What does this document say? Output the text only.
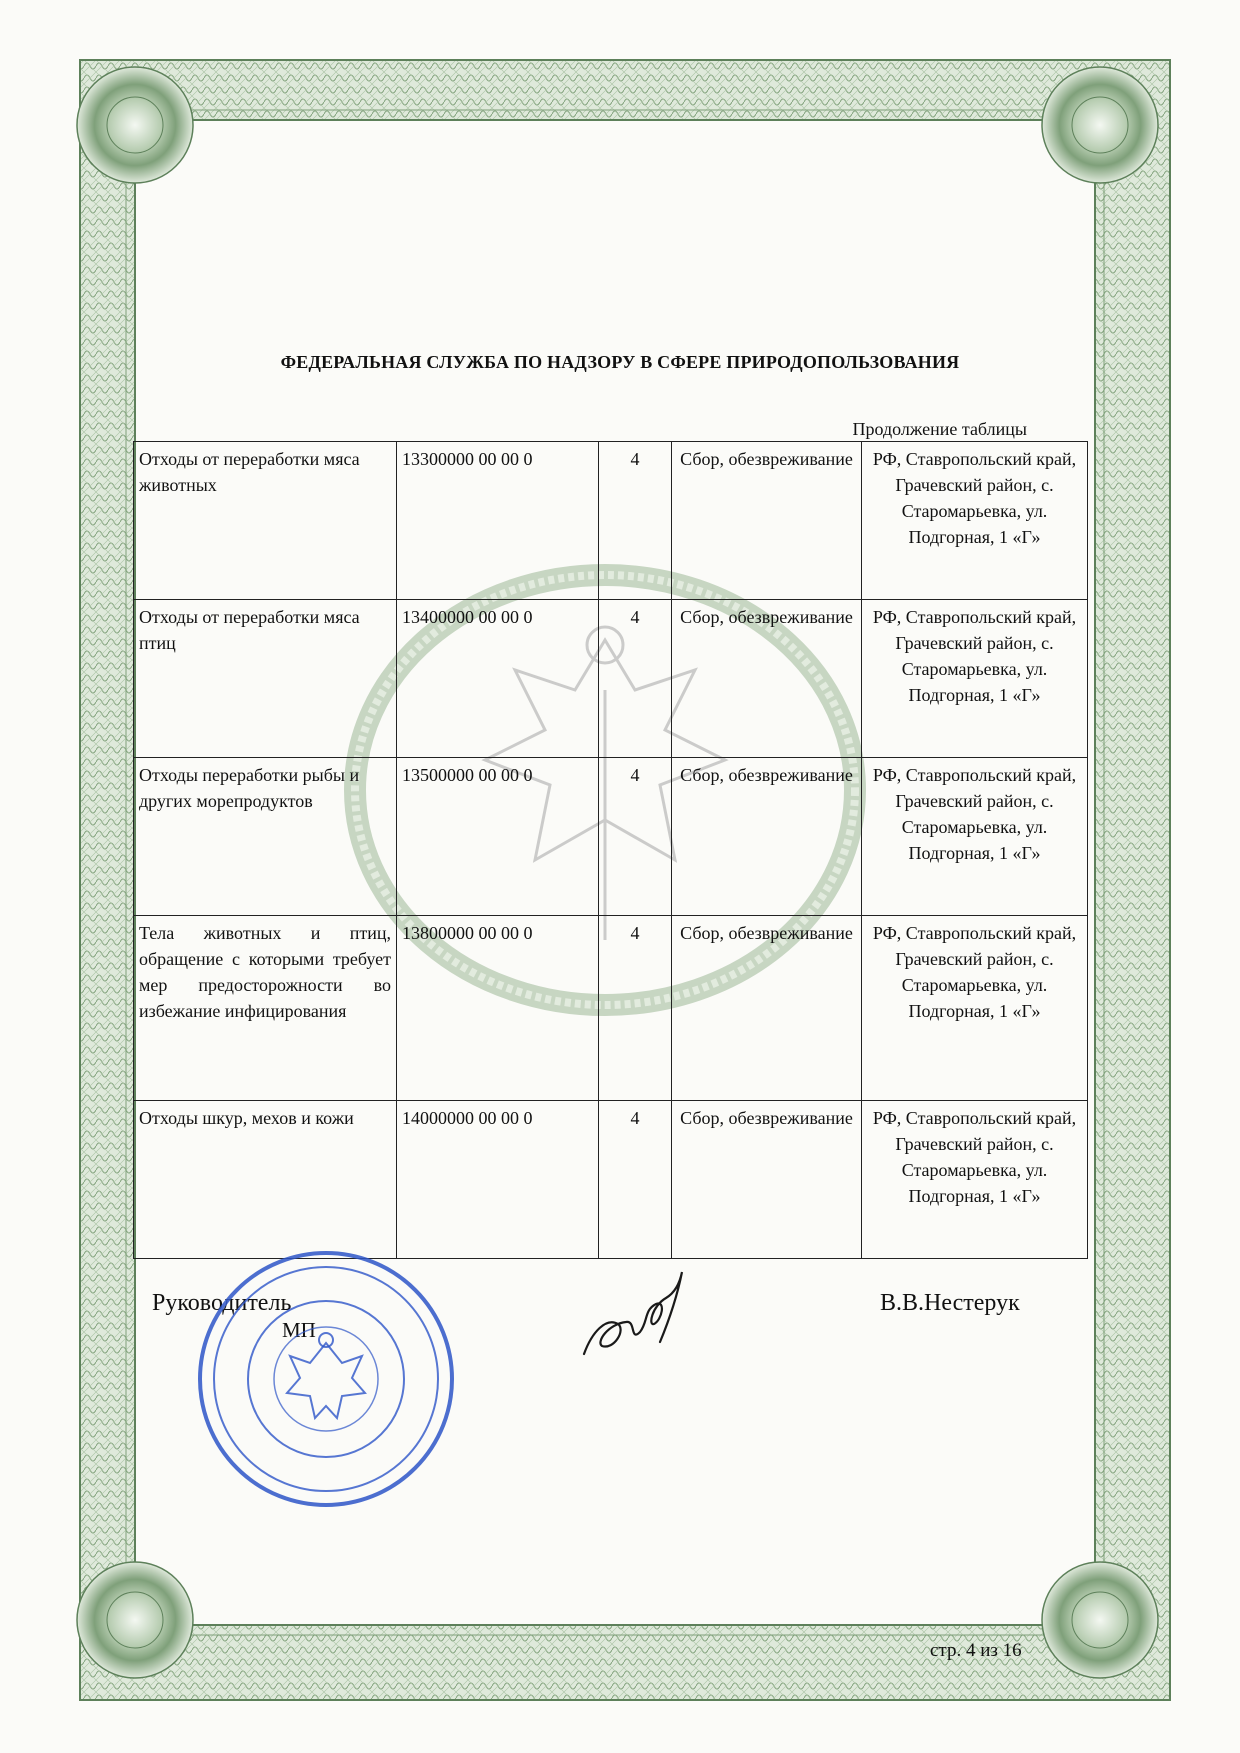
ФЕДЕРАЛЬНАЯ СЛУЖБА ПО НАДЗОРУ В СФЕРЕ ПРИРОДОПОЛЬЗОВАНИЯ
Продолжение таблицы
Отходы от переработки мяса животных	13300000 00 00 0	4	Сбор, обезвреживание	РФ, Ставропольский край, Грачевский район, с. Старомарьевка, ул. Подгорная, 1 «Г»
Отходы от переработки мяса птиц	13400000 00 00 0	4	Сбор, обезвреживание	РФ, Ставропольский край, Грачевский район, с. Старомарьевка, ул. Подгорная, 1 «Г»
Отходы переработки рыбы и других морепродуктов	13500000 00 00 0	4	Сбор, обезвреживание	РФ, Ставропольский край, Грачевский район, с. Старомарьевка, ул. Подгорная, 1 «Г»
Тела животных и птиц, обращение с которыми требует мер предосторожности во избежание инфицирования	13800000 00 00 0	4	Сбор, обезвреживание	РФ, Ставропольский край, Грачевский район, с. Старомарьевка, ул. Подгорная, 1 «Г»
Отходы шкур, мехов и кожи	14000000 00 00 0	4	Сбор, обезвреживание	РФ, Ставропольский край, Грачевский район, с. Старомарьевка, ул. Подгорная, 1 «Г»
Руководитель
МП
В.В.Нестерук
стр. 4 из 16
